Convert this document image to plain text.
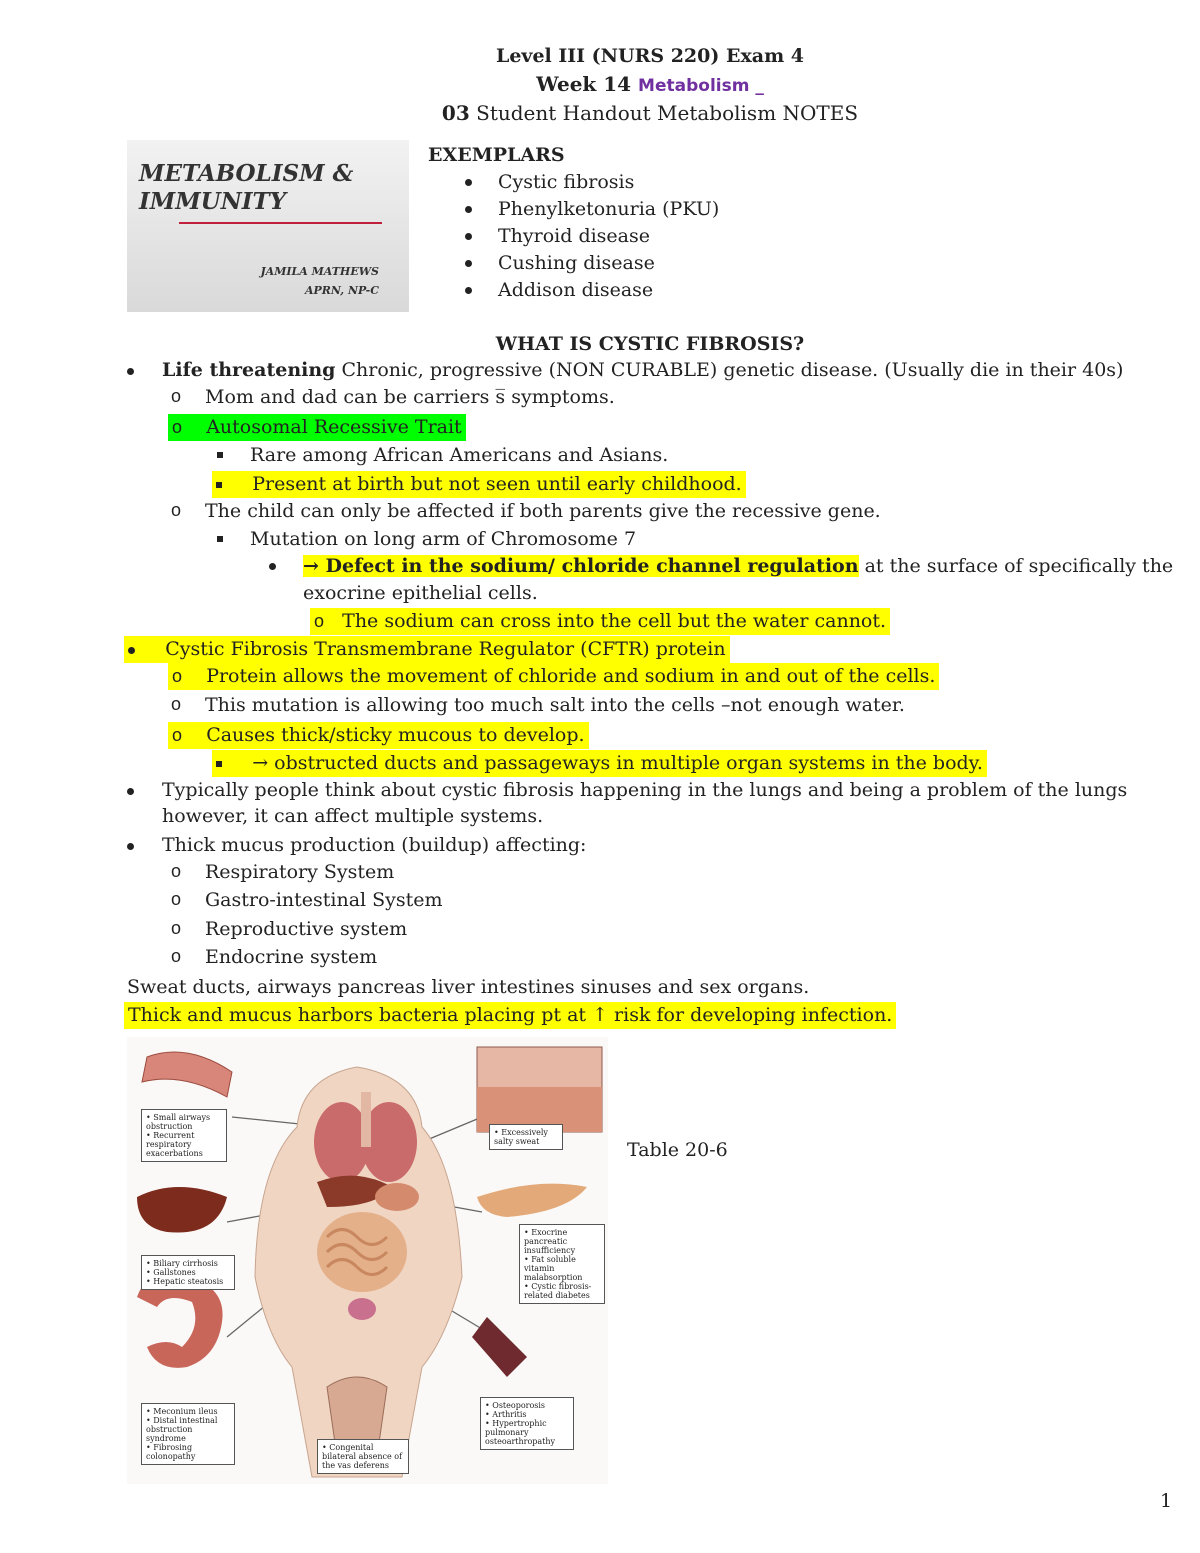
Level III (NURS 220) Exam 4
Week 14 Metabolism _
03 Student Handout Metabolism NOTES
METABOLISM &
IMMUNITY
JAMILA MATHEWS
APRN, NP-C
EXEMPLARS
Cystic fibrosis
Phenylketonuria (PKU)
Thyroid disease
Cushing disease
Addison disease
WHAT IS CYSTIC FIBROSIS?
Life threatening Chronic, progressive (NON CURABLE) genetic disease. (Usually die in their 40s)
o Mom and dad can be carriers s̅ symptoms.
o Autosomal Recessive Trait
Rare among African Americans and Asians.
Present at birth but not seen until early childhood.
o The child can only be affected if both parents give the recessive gene.
Mutation on long arm of Chromosome 7
→ Defect in the sodium/ chloride channel regulation at the surface of specifically the
exocrine epithelial cells.
o The sodium can cross into the cell but the water cannot.
Cystic Fibrosis Transmembrane Regulator (CFTR) protein
o Protein allows the movement of chloride and sodium in and out of the cells.
o This mutation is allowing too much salt into the cells –not enough water.
o Causes thick/sticky mucous to develop.
→ obstructed ducts and passageways in multiple organ systems in the body.
Typically people think about cystic fibrosis happening in the lungs and being a problem of the lungs
however, it can affect multiple systems.
Thick mucus production (buildup) affecting:
o Respiratory System
o Gastro-intestinal System
o Reproductive system
o Endocrine system
Sweat ducts, airways pancreas liver intestines sinuses and sex organs.
Thick and mucus harbors bacteria placing pt at ↑ risk for developing infection.
• Small airways obstruction
• Recurrent respiratory exacerbations
• Excessively salty sweat
• Biliary cirrhosis
• Gallstones
• Hepatic steatosis
• Exocrine pancreatic insufficiency
• Fat soluble vitamin malabsorption
• Cystic fibrosis-related diabetes
• Meconium ileus
• Distal intestinal obstruction syndrome
• Fibrosing colonopathy
• Congenital bilateral absence of the vas deferens
• Osteoporosis
• Arthritis
• Hypertrophic pulmonary osteoarthropathy
Table 20-6
1
